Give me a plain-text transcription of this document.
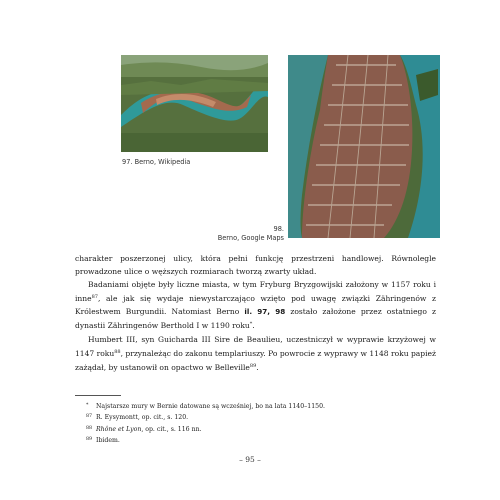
97. Berno, Wikipedia
98.
Berno, Google Maps

charakter poszerzonej ulicy, która pełni funkcję przestrzeni handlowej. Równolegle prowadzone ulice o węższych rozmiarach tworzą zwarty układ.

Badaniami objęte były liczne miasta, w tym Fryburg Bryzgowijski założony w 1157 roku i inne$^{87}$, ale jak się wydaje niewystarczająco wzięto pod uwagę związki Zähringenów z Królestwem Burgundii. Natomiast Berno il. 97, 98 zostało założone przez ostatniego z dynastii Zähringenów Berthold I w 1190 roku*.

Humbert III, syn Guicharda III Sire de Beaulieu, uczestniczył w wyprawie krzyżowej w 1147 roku$^{88}$, przynależąc do zakonu templariuszy. Po powrocie z wyprawy w 1148 roku papież zażądał, by ustanowił on opactwo w Belleville$^{89}$.

* Najstarsze mury w Bernie datowane są wcześniej, bo na lata 1140–1150.

87 R. Eysymontt, op. cit., s. 120.

88 Rhône et Lyon, op. cit., s. 116 nn.

89 Ibidem.

– 95 –
